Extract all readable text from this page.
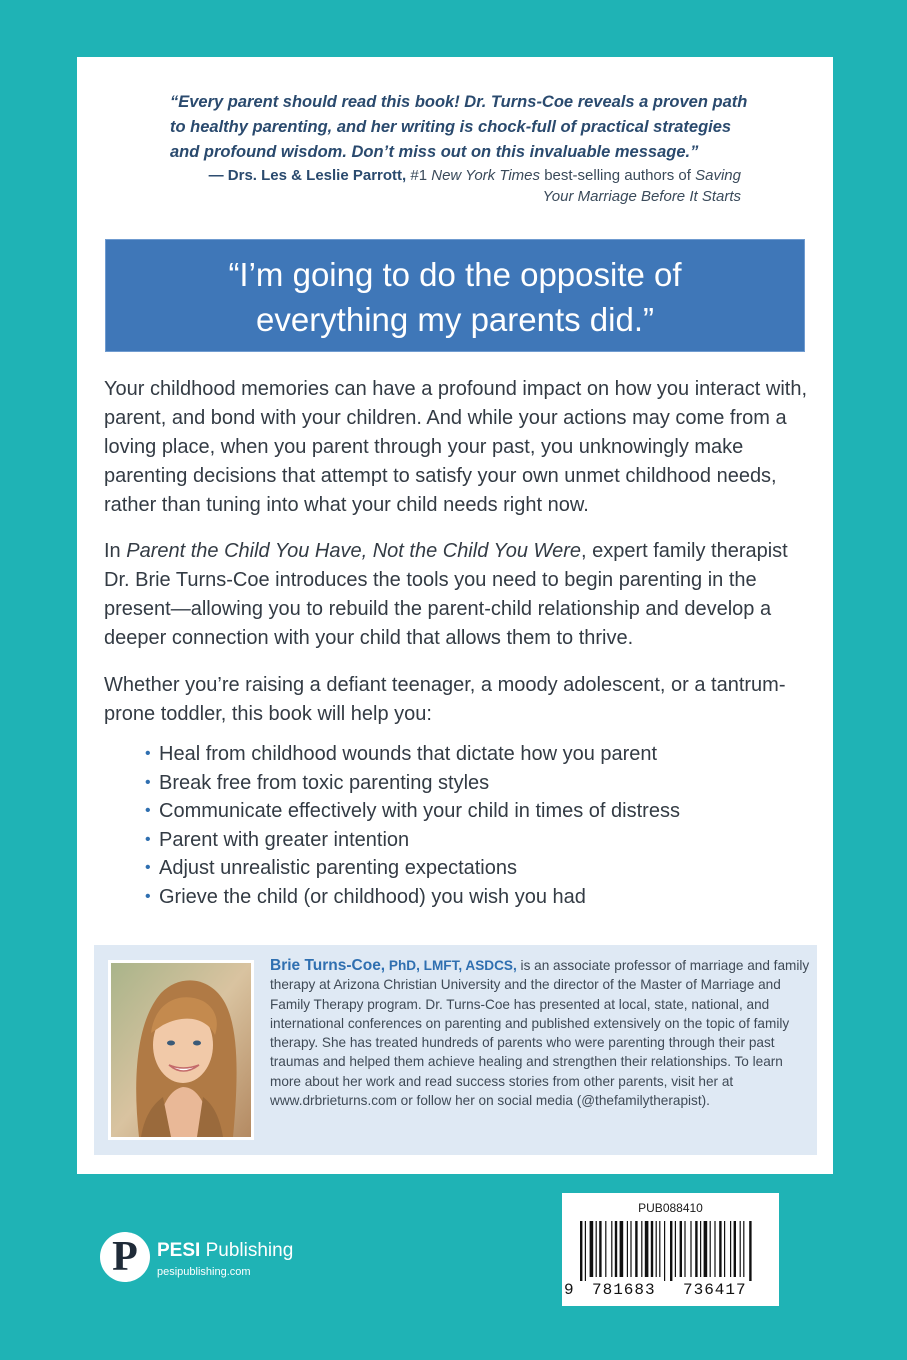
“Every parent should read this book! Dr. Turns-Coe reveals a proven path to healthy parenting, and her writing is chock-full of practical strategies and profound wisdom. Don’t miss out on this invaluable message.”
— Drs. Les & Leslie Parrott, #1 New York Times best-selling authors of Saving Your Marriage Before It Starts
“I’m going to do the opposite of
everything my parents did.”
Your childhood memories can have a profound impact on how you interact with, parent, and bond with your children. And while your actions may come from a loving place, when you parent through your past, you unknowingly make parenting decisions that attempt to satisfy your own unmet childhood needs, rather than tuning into what your child needs right now.
In Parent the Child You Have, Not the Child You Were, expert family therapist Dr. Brie Turns-Coe introduces the tools you need to begin parenting in the present—allowing you to rebuild the parent-child relationship and develop a deeper connection with your child that allows them to thrive.
Whether you’re raising a defiant teenager, a moody adolescent, or a tantrum-prone toddler, this book will help you:
• Heal from childhood wounds that dictate how you parent
• Break free from toxic parenting styles
• Communicate effectively with your child in times of distress
• Parent with greater intention
• Adjust unrealistic parenting expectations
• Grieve the child (or childhood) you wish you had
Brie Turns-Coe, PhD, LMFT, ASDCS, is an associate professor of marriage and family therapy at Arizona Christian University and the director of the Master of Marriage and Family Therapy program. Dr. Turns-Coe has presented at local, state, national, and international conferences on parenting and published extensively on the topic of family therapy. She has treated hundreds of parents who were parenting through their past traumas and helped them achieve healing and strengthen their relationships. To learn more about her work and read success stories from other parents, visit her at www.drbrieturns.com or follow her on social media (@thefamilytherapist).
P	PESI Publishing
pesipublishing.com
PUB088410
9 781683 736417
